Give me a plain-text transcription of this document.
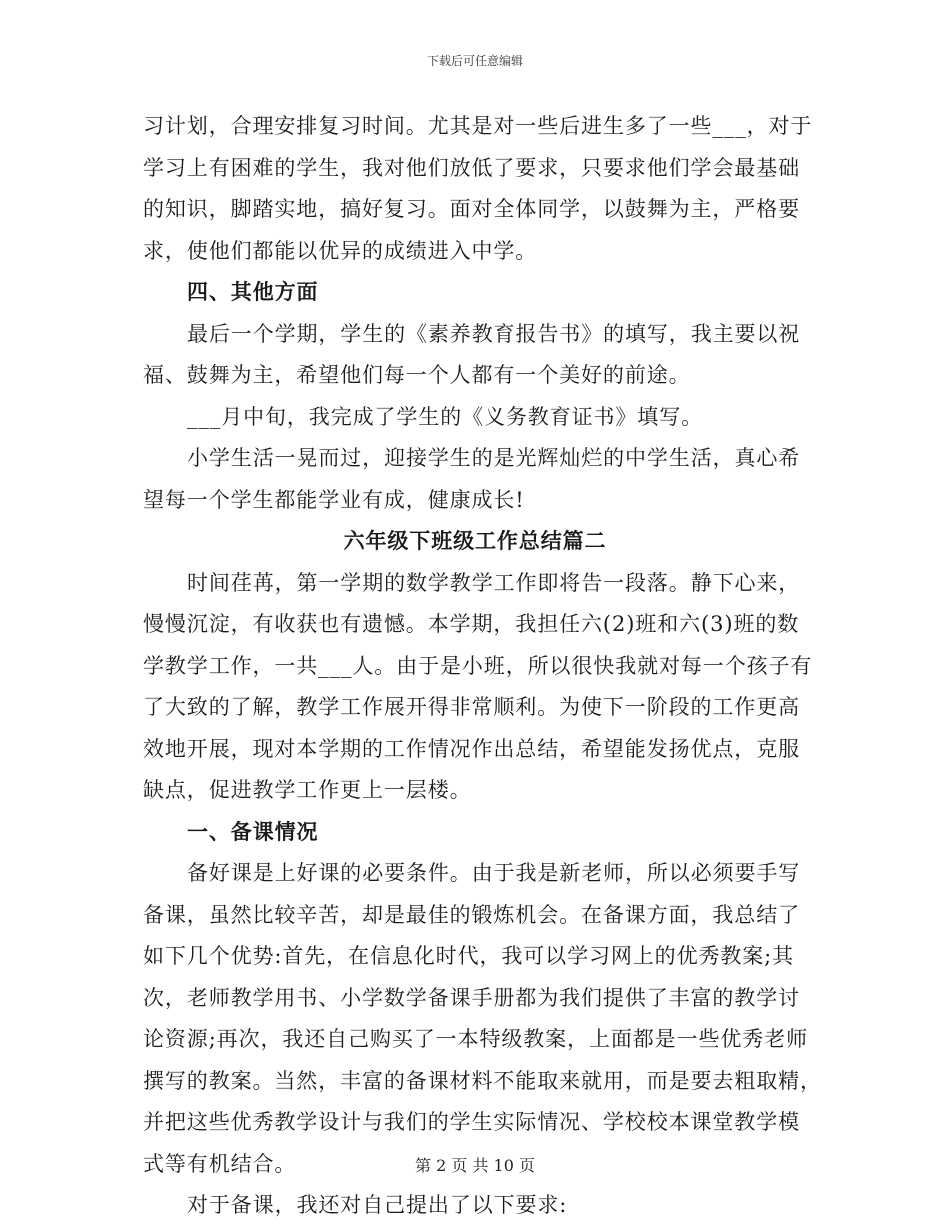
下载后可任意编辑
习计划，合理安排复习时间。尤其是对一些后进生多了一些___，对于
学习上有困难的学生，我对他们放低了要求，只要求他们学会最基础
的知识，脚踏实地，搞好复习。面对全体同学，以鼓舞为主，严格要
求，使他们都能以优异的成绩进入中学。
四、其他方面
最后一个学期，学生的《素养教育报告书》的填写，我主要以祝
福、鼓舞为主，希望他们每一个人都有一个美好的前途。
___月中旬，我完成了学生的《义务教育证书》填写。
小学生活一晃而过，迎接学生的是光辉灿烂的中学生活，真心希
望每一个学生都能学业有成，健康成长!
六年级下班级工作总结篇二
时间荏苒，第一学期的数学教学工作即将告一段落。静下心来，
慢慢沉淀，有收获也有遗憾。本学期，我担任六(2)班和六(3)班的数
学教学工作，一共___人。由于是小班，所以很快我就对每一个孩子有
了大致的了解，教学工作展开得非常顺利。为使下一阶段的工作更高
效地开展，现对本学期的工作情况作出总结，希望能发扬优点，克服
缺点，促进教学工作更上一层楼。
一、备课情况
备好课是上好课的必要条件。由于我是新老师，所以必须要手写
备课，虽然比较辛苦，却是最佳的锻炼机会。在备课方面，我总结了
如下几个优势:首先，在信息化时代，我可以学习网上的优秀教案;其
次，老师教学用书、小学数学备课手册都为我们提供了丰富的教学讨
论资源;再次，我还自己购买了一本特级教案，上面都是一些优秀老师
撰写的教案。当然，丰富的备课材料不能取来就用，而是要去粗取精，
并把这些优秀教学设计与我们的学生实际情况、学校校本课堂教学模
式等有机结合。
对于备课，我还对自己提出了以下要求:
第 2 页 共 10 页
